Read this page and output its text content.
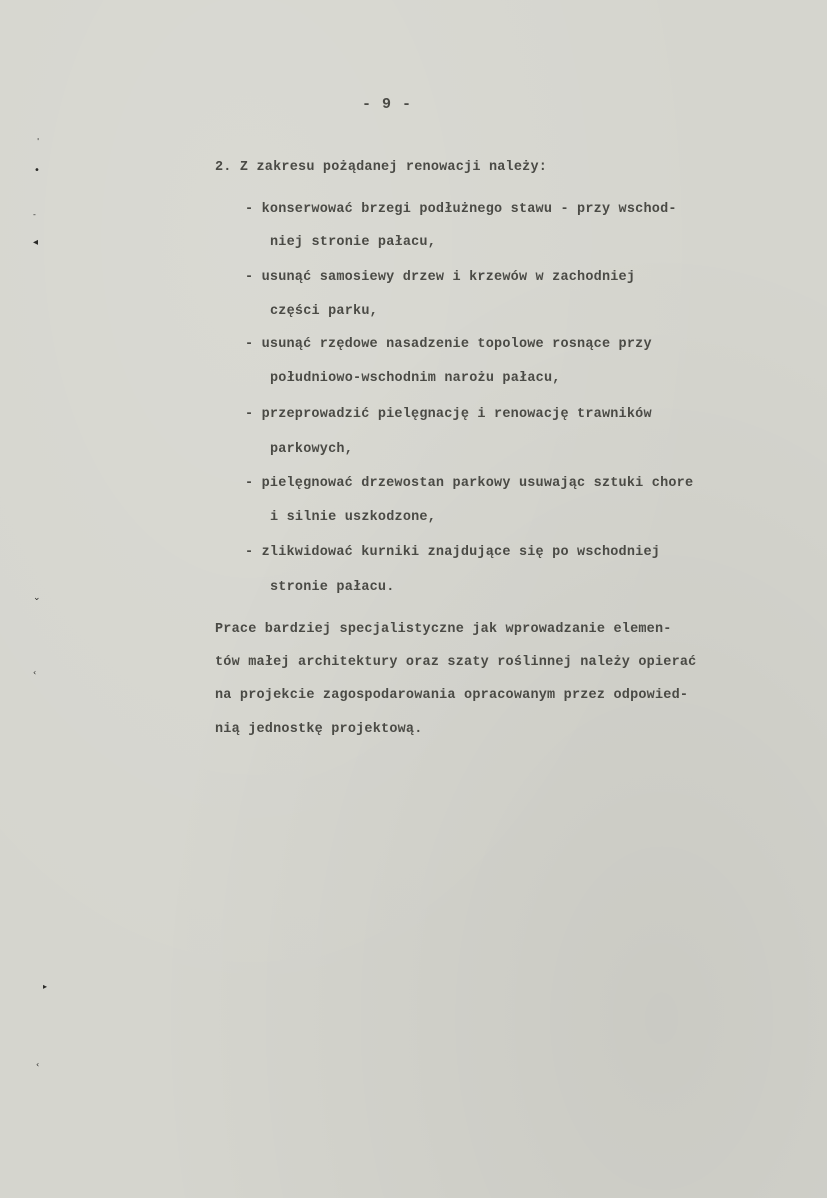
- 9 -
2. Z zakresu pożądanej renowacji należy:
- konserwować brzegi podłużnego stawu - przy wschod-
niej stronie pałacu,
- usunąć samosiewy drzew i krzewów w zachodniej
części parku,
- usunąć rzędowe nasadzenie topolowe rosnące przy
południowo-wschodnim narożu pałacu,
- przeprowadzić pielęgnację i renowację trawników
parkowych,
- pielęgnować drzewostan parkowy usuwając sztuki chore
i silnie uszkodzone,
- zlikwidować kurniki znajdujące się po wschodniej
stronie pałacu.
Prace bardziej specjalistyczne jak wprowadzanie elemen-
tów małej architektury oraz szaty roślinnej należy opierać
na projekcie zagospodarowania opracowanym przez odpowied-
nią jednostkę projektową.
'
•
-
◂
⌄
‹
▸
‹
